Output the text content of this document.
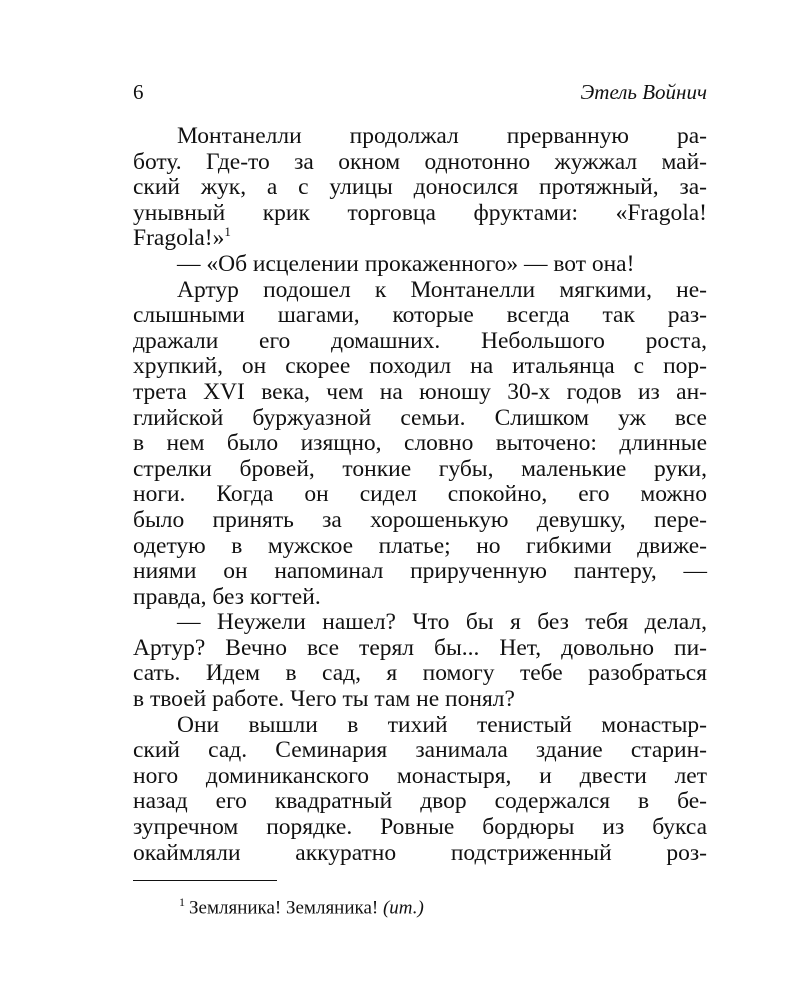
6	Этель Войнич
Монтанелли продолжал прерванную ра-
боту. Где-то за окном однотонно жужжал май-
ский жук, а с улицы доносился протяжный, за-
унывный крик торговца фруктами: «Fragola!
Fragola!»$^1$
— «Об исцелении прокаженного» — вот она!
Артур подошел к Монтанелли мягкими, не-
слышными шагами, которые всегда так раз-
дражали его домашних. Небольшого роста,
хрупкий, он скорее походил на итальянца с пор-
трета XVI века, чем на юношу 30-х годов из ан-
глийской буржуазной семьи. Слишком уж все
в нем было изящно, словно выточено: длинные
стрелки бровей, тонкие губы, маленькие руки,
ноги. Когда он сидел спокойно, его можно
было принять за хорошенькую девушку, пере-
одетую в мужское платье; но гибкими движе-
ниями он напоминал прирученную пантеру, —
правда, без когтей.
— Неужели нашел? Что бы я без тебя делал,
Артур? Вечно все терял бы... Нет, довольно пи-
сать. Идем в сад, я помогу тебе разобраться
в твоей работе. Чего ты там не понял?
Они вышли в тихий тенистый монастыр-
ский сад. Семинария занимала здание старин-
ного доминиканского монастыря, и двести лет
назад его квадратный двор содержался в бе-
зупречном порядке. Ровные бордюры из букса
окаймляли аккуратно подстриженный роз-
$^1$ Земляника! Земляника! (ит.)
